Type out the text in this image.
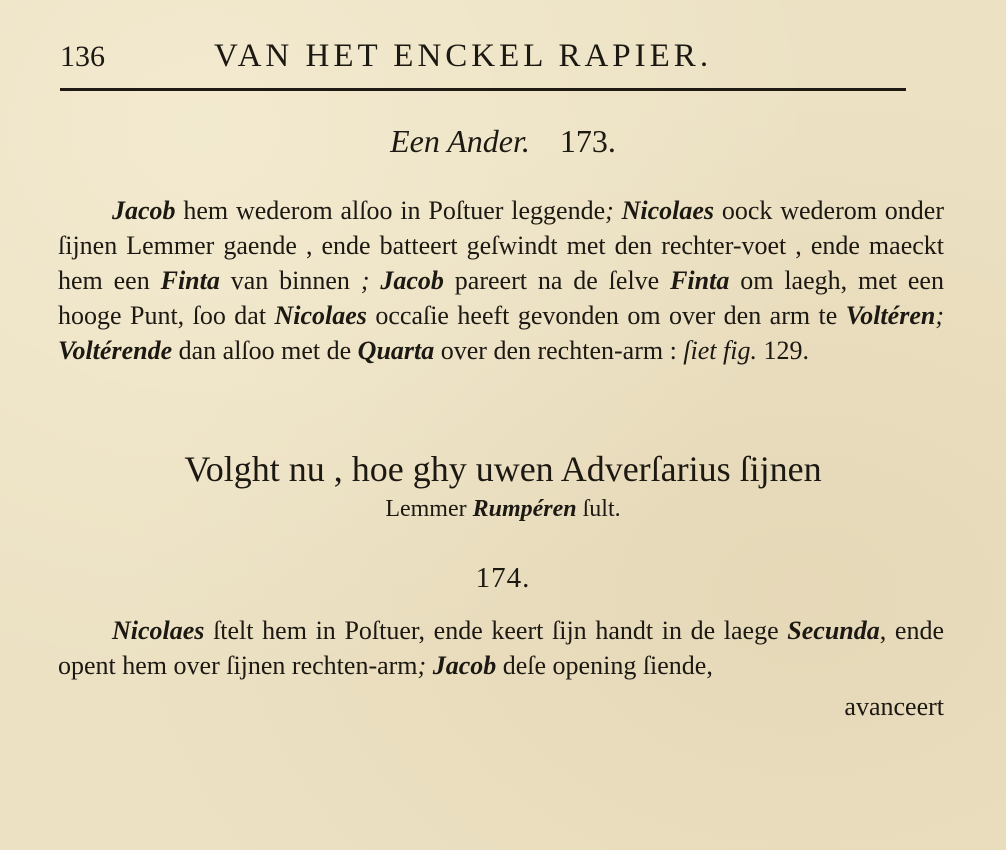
136	VAN HET ENCKEL RAPIER.
Een Ander. 173.

Jacob hem wederom alſoo in Poſtuer leggende; Nicolaes oock wederom onder ſijnen Lemmer gaende , ende batteert geſwindt met den rechter-voet , ende maeckt hem een Finta van binnen ; Jacob pareert na de ſelve Finta om laegh, met een hooge Punt, ſoo dat Nicolaes occaſie heeft gevonden om over den arm te Voltéren; Voltérende dan alſoo met de Quarta over den rechten-arm : ſiet fig. 129.

Volght nu , hoe ghy uwen Adverſarius ſijnen
Lemmer Rumpéren ſult.
174.

Nicolaes ſtelt hem in Poſtuer, ende keert ſijn handt in de laege Secunda, ende opent hem over ſijnen rechten-arm; Jacob deſe opening ſiende,

avanceert
